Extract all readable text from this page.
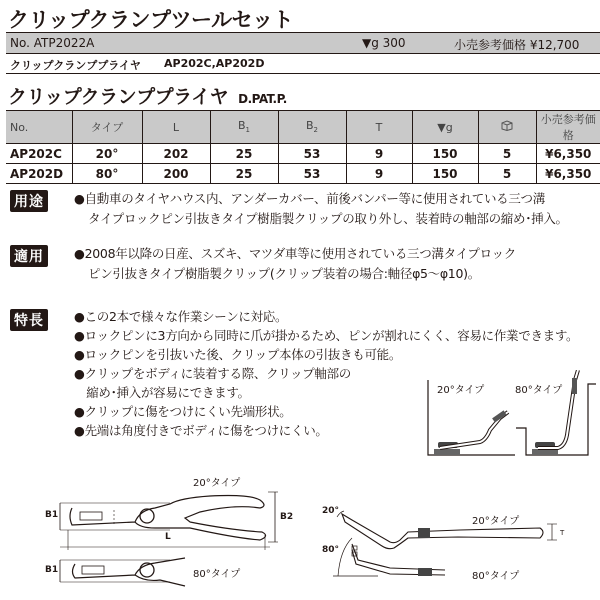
クリップクランプツールセット
No. ATP2022A	▼g 300	小売参考価格 ¥12,700
クリップクランププライヤ AP202C,AP202D
クリップクランププライヤ D.PAT.P.
No.	タイプ	L	$B_1$	$B_2$	T	▼g		小売参考価格
AP202C	20°	202	25	53	9	150	5	¥6,350
AP202D	80°	200	25	53	9	150	5	¥6,350
用途	●自動車のタイヤハウス内、アンダーカバー、前後バンパー等に使用されている三つ溝
タイプロックピン引抜きタイプ樹脂製クリップの取り外し、装着時の軸部の縮め･挿入。
適用	●2008年以降の日産、スズキ、マツダ車等に使用されている三つ溝タイプロック
ピン引抜きタイプ樹脂製クリップ(クリップ装着の場合:軸径φ5～φ10)。
特長	●この2本で様々な作業シーンに対応。
●ロックピンに3方向から同時に爪が掛かるため、ピンが割れにくく、容易に作業できます。
●ロックピンを引抜いた後、クリップ本体の引抜きも可能。
●クリップをボディに装着する際、クリップ軸部の
　縮め･挿入が容易にできます。
●クリップに傷をつけにくい先端形状。
●先端は角度付きでボディに傷をつけにくい。
20°タイプ	80°タイプ
20°タイプ
B1	B2
L
B1	80°タイプ
20°
80°
20°タイプ
80°タイプ
T
